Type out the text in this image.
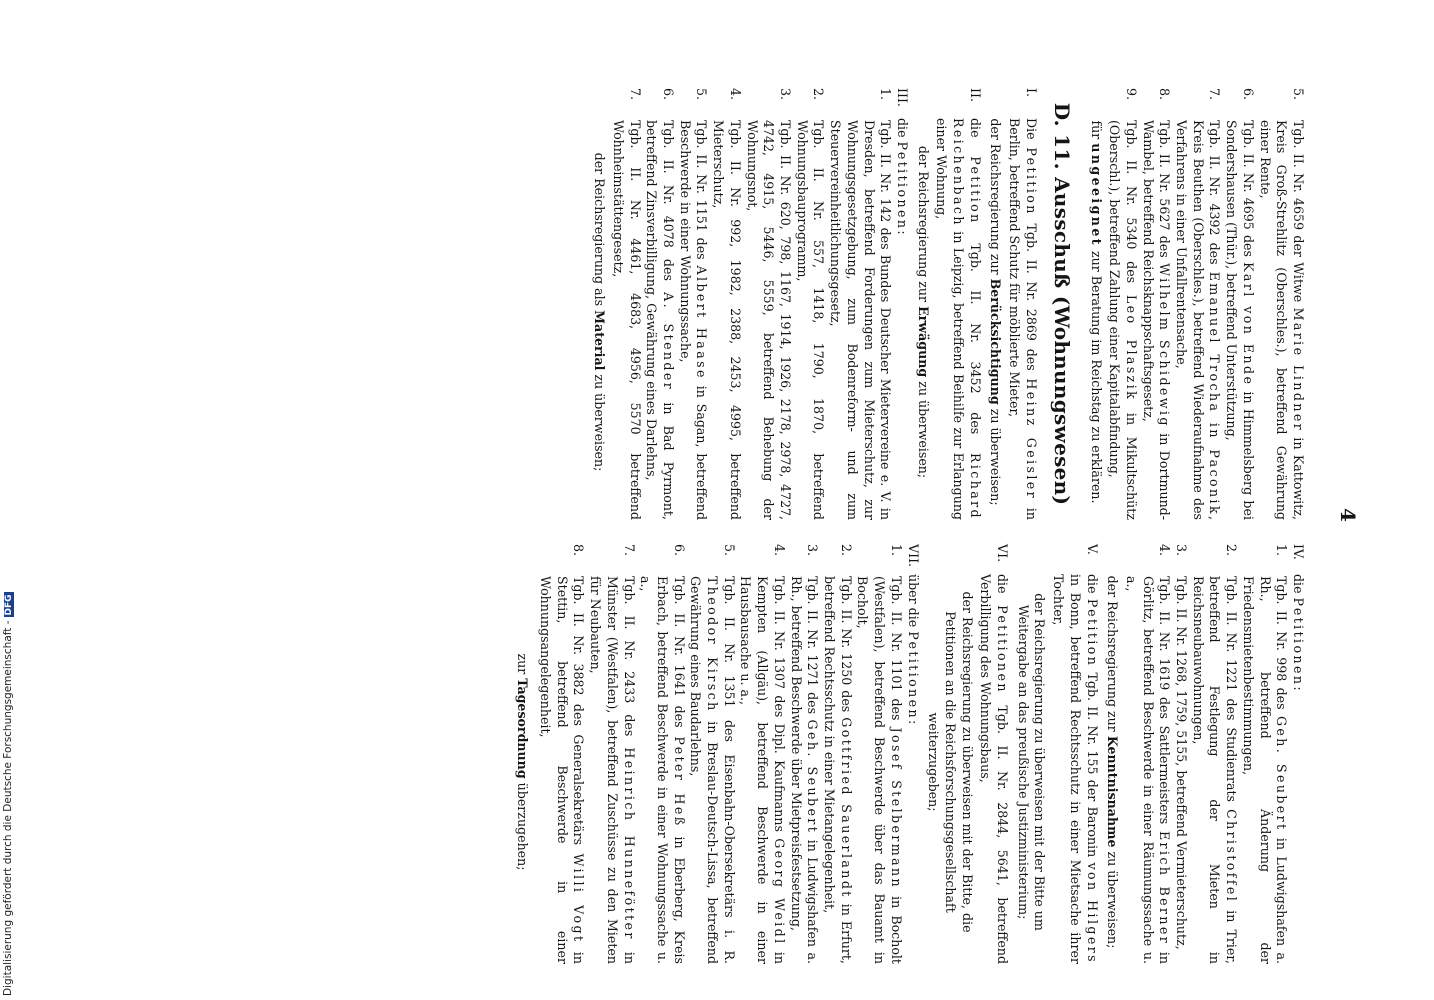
4
5.
Tgb. II. Nr. 4659 der Witwe Marie Lindner in Kattowitz, Kreis Groß-Strehlitz (Oberschles.), betreffend Gewährung einer Rente,
6.
Tgb. II. Nr. 4695 des Karl von Ende in Himmelsberg bei Sondershausen (Thür.), betreffend Unterstützung,
7.
Tgb. II. Nr. 4392 des Emanuel Trocha in Paconik, Kreis Beuthen (Oberschles.), betreffend Wiederaufnahme des Verfahrens in einer Unfallrentensache,
8.
Tgb. II. Nr. 5627 des Wilhelm Schidewig in Dortmund-Wambel, betreffend Reichsknappschaftsgesetz,
9.
Tgb. II. Nr. 5340 des Leo Plaszik in Mikultschütz (Oberschl.), betreffend Zahlung einer Kapitalabfindung,
für ungeeignet zur Beratung im Reichstag zu erklären.
D. 11. Ausschuß (Wohnungswesen)
I.
Die Petition Tgb. II. Nr. 2869 des Heinz Geisler in Berlin, betreffend Schutz für möblierte Mieter,
der Reichsregierung zur Berücksichtigung zu überweisen;
II.
die Petition Tgb. II. Nr. 3452 des Richard Reichenbach in Leipzig, betreffend Beihilfe zur Erlangung einer Wohnung,
der Reichsregierung zur Erwägung zu überweisen;
III.
die Petitionen:
1.
Tgb. II. Nr. 142 des Bundes Deutscher Mietervereine e. V. in Dresden, betreffend Forderungen zum Mieterschutz, zur Wohnungsgesetzgebung, zum Bodenreform- und zum Steuervereinheitlichungsgesetz,
2.
Tgb. II. Nr. 557, 1418, 1790, 1870, betreffend Wohnungsbauprogramm,
3.
Tgb. II. Nr. 620, 798, 1167, 1914, 1926, 2178, 2978, 4727, 4742, 4915, 5446, 5559, betreffend Behebung der Wohnungsnot,
4.
Tgb. II. Nr. 992, 1982, 2388, 2453, 4995, betreffend Mieterschutz,
5.
Tgb. II. Nr. 1151 des Albert Haase in Sagan, betreffend Beschwerde in einer Wohnungssache,
6.
Tgb. II. Nr. 4078 des A. Stender in Bad Pyrmont, betreffend Zinsverbilligung, Gewährung eines Darlehns,
7.
Tgb. II. Nr. 4461, 4683, 4956, 5570 betreffend Wohnheimstättengesetz,
der Reichsregierung als Material zu überweisen;
IV.
die Petitionen:
1.
Tgb. II. Nr. 998 des Geh. Seubert in Ludwigshafen a. Rh., betreffend Änderung der Friedensmietenbestimmungen,
2.
Tgb. II. Nr. 1221 des Studienrats Christoffel in Trier, betreffend Festlegung der Mieten in Reichsneubauwohnungen,
3.
Tgb. II. Nr. 1268, 1759, 5155, betreffend Vermieterschutz,
4.
Tgb. II. Nr. 1619 des Sattlermeisters Erich Berner in Görlitz, betreffend Beschwerde in einer Räumungssache u. a.,
der Reichsregierung zur Kenntnisnahme zu überweisen;
V.
die Petition Tgb. II. Nr. 155 der Baronin von Hilgers in Bonn, betreffend Rechtsschutz in einer Mietsache ihrer Tochter,
der Reichsregierung zu überweisen mit der Bitte um Weitergabe an das preußische Justizministerium;
VI.
die Petitionen Tgb. II. Nr. 2844, 5641, betreffend Verbilligung des Wohnungsbaus,
der Reichsregierung zu überweisen mit der Bitte, die Petitionen an die Reichsforschungsgesellschaft weiterzugeben;
VII.
über die Petitionen:
1.
Tgb. II. Nr. 1101 des Josef Stelbermann in Bocholt (Westfalen), betreffend Beschwerde über das Bauamt in Bocholt,
2.
Tgb. II. Nr. 1250 des Gottfried Sauerlandt in Erfurt, betreffend Rechtsschutz in einer Mietangelegenheit,
3.
Tgb. II. Nr. 1271 des Geh. Seubert in Ludwigshafen a. Rh., betreffend Beschwerde über Mietpreisfestsetzung,
4.
Tgb. II. Nr. 1307 des Dipl. Kaufmanns Georg Weidl in Kempten (Allgäu), betreffend Beschwerde in einer Hausbausache u. a.,
5.
Tgb. II. Nr. 1351 des Eisenbahn-Obersekretärs i. R. Theodor Kirsch in Breslau-Deutsch-Lissa, betreffend Gewährung eines Baudarlehns,
6.
Tgb. II. Nr. 1641 des Peter Heß in Eberberg, Kreis Erbach, betreffend Beschwerde in einer Wohnungssache u. a.,
7.
Tgb. II. Nr. 2433 des Heinrich Hunnefötter in Münster (Westfalen), betreffend Zuschüsse zu den Mieten für Neubauten,
8.
Tgb. II. Nr. 3882 des Generalsekretärs Willi Vogt in Stettin, betreffend Beschwerde in einer Wohnungsangelegenheit,
zur Tagesordnung überzugehen;
Digitalisierung gefördert durch die Deutsche Forschungsgemeinschaft -DFG
